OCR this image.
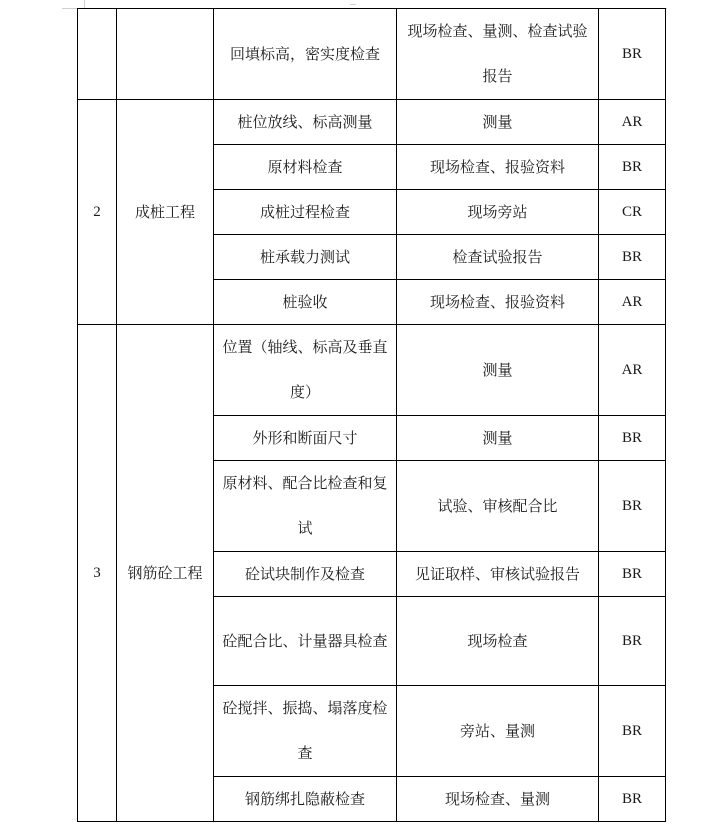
		回填标高，密实度检查	现场检查、量测、检查试验报告	BR
2	成桩工程	桩位放线、标高测量	测量	AR
		原材料检查	现场检查、报验资料	BR
		成桩过程检查	现场旁站	CR
		桩承载力测试	检查试验报告	BR
		桩验收	现场检查、报验资料	AR
3	钢筋砼工程	位置（轴线、标高及垂直度）	测量	AR
		外形和断面尺寸	测量	BR
		原材料、配合比检查和复试	试验、审核配合比	BR
		砼试块制作及检查	见证取样、审核试验报告	BR
		砼配合比、计量器具检查	现场检查	BR
		砼搅拌、振捣、塌落度检查	旁站、量测	BR
		钢筋绑扎隐蔽检查	现场检查、量测	BR
